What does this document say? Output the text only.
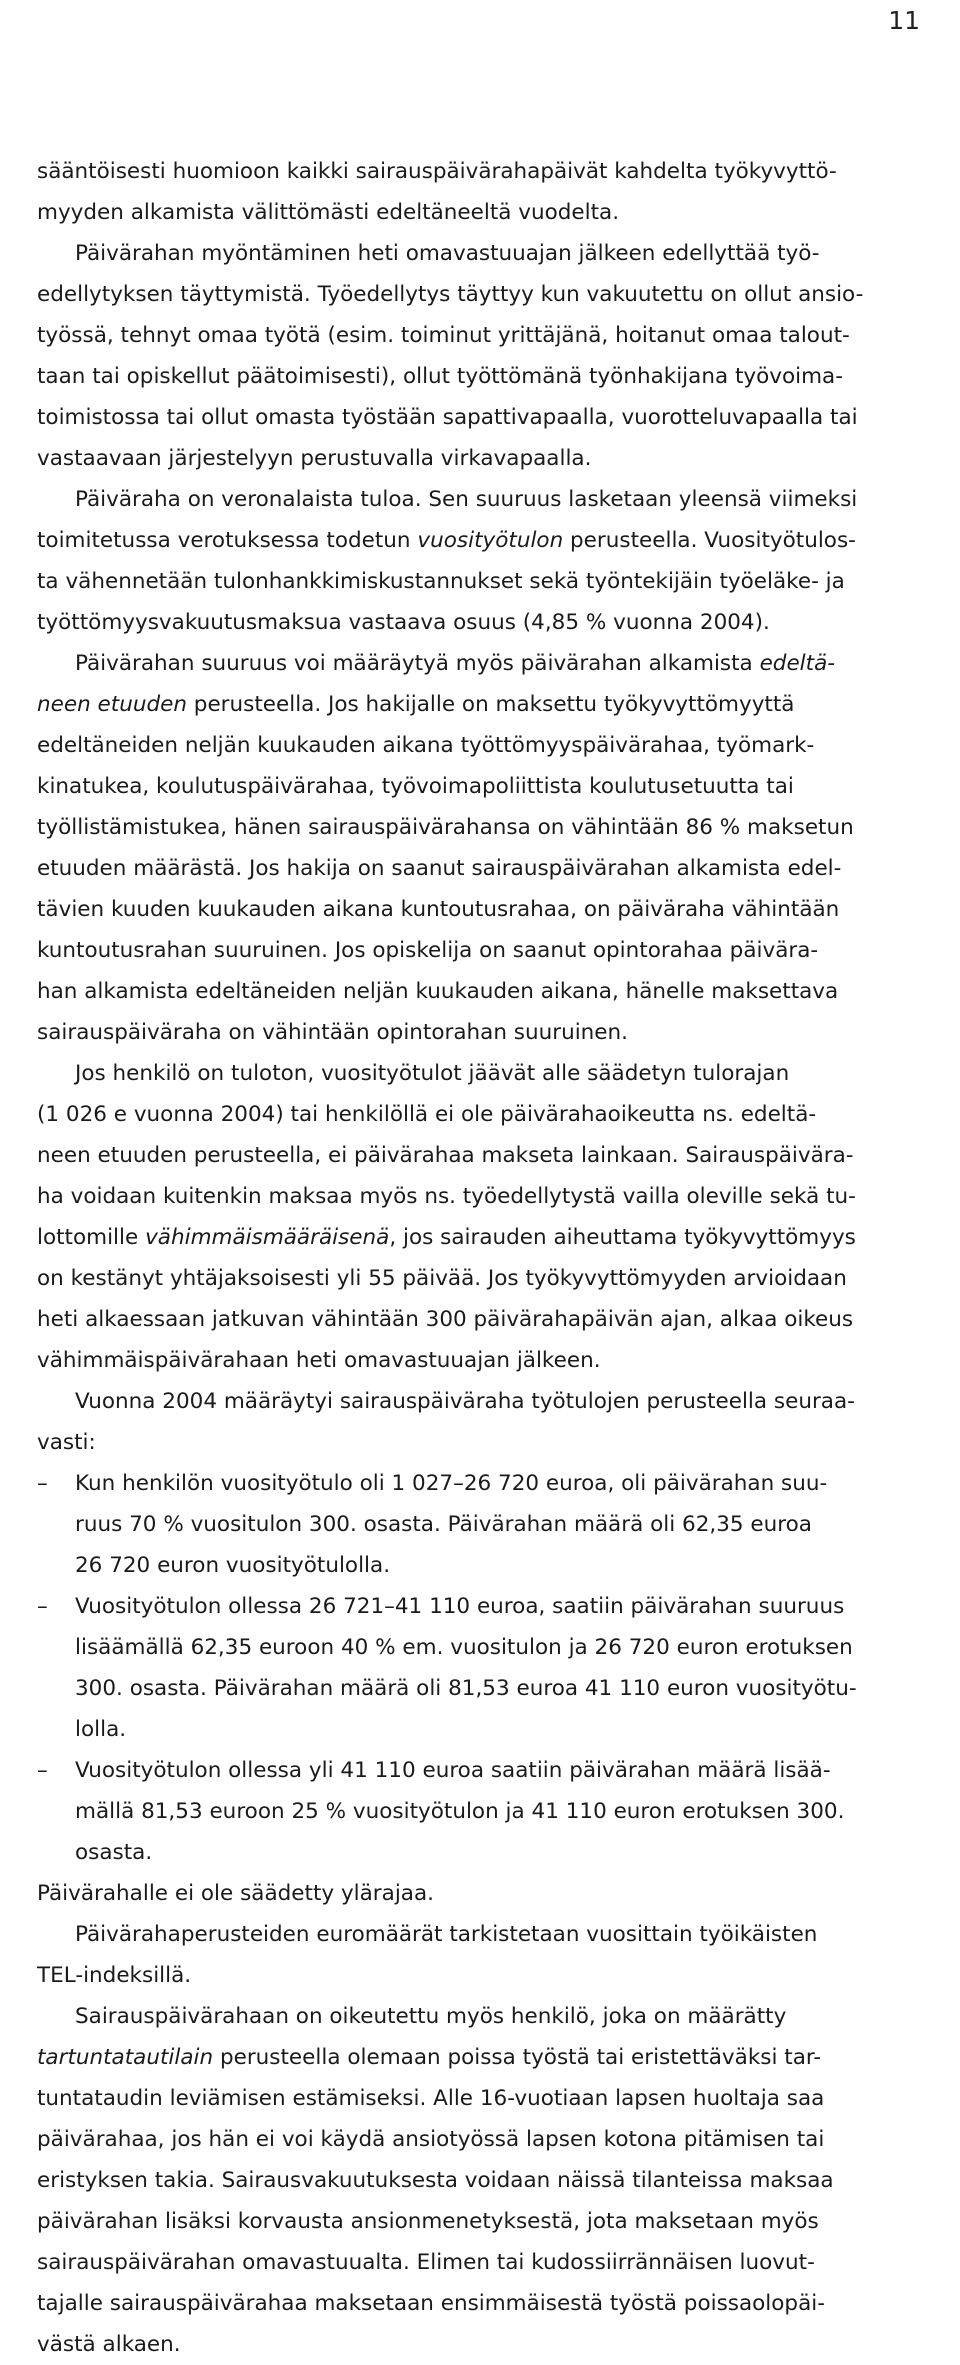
11
sääntöisesti huomioon kaikki sairauspäivärahapäivät kahdelta työkyvyttö-
myyden alkamista välittömästi edeltäneeltä vuodelta.
Päivärahan myöntäminen heti omavastuuajan jälkeen edellyttää työ-
edellytyksen täyttymistä. Työedellytys täyttyy kun vakuutettu on ollut ansio-
työssä, tehnyt omaa työtä (esim. toiminut yrittäjänä, hoitanut omaa talout-
taan tai opiskellut päätoimisesti), ollut työttömänä työnhakijana työvoima-
toimistossa tai ollut omasta työstään sapattivapaalla, vuorotteluvapaalla tai
vastaavaan järjestelyyn perustuvalla virkavapaalla.
Päiväraha on veronalaista tuloa. Sen suuruus lasketaan yleensä viimeksi
toimitetussa verotuksessa todetun vuosityötulon perusteella. Vuosityötulos-
ta vähennetään tulonhankkimiskustannukset sekä työntekijäin työeläke- ja
työttömyysvakuutusmaksua vastaava osuus (4,85 % vuonna 2004).
Päivärahan suuruus voi määräytyä myös päivärahan alkamista edeltä-
neen etuuden perusteella. Jos hakijalle on maksettu työkyvyttömyyttä
edeltäneiden neljän kuukauden aikana työttömyyspäivärahaa, työmark-
kinatukea, koulutuspäivärahaa, työvoimapoliittista koulutusetuutta tai
työllistämistukea, hänen sairauspäivärahansa on vähintään 86 % maksetun
etuuden määrästä. Jos hakija on saanut sairauspäivärahan alkamista edel-
tävien kuuden kuukauden aikana kuntoutusrahaa, on päiväraha vähintään
kuntoutusrahan suuruinen. Jos opiskelija on saanut opintorahaa päivära-
han alkamista edeltäneiden neljän kuukauden aikana, hänelle maksettava
sairauspäiväraha on vähintään opintorahan suuruinen.
Jos henkilö on tuloton, vuosityötulot jäävät alle säädetyn tulorajan
(1 026 e vuonna 2004) tai henkilöllä ei ole päivärahaoikeutta ns. edeltä-
neen etuuden perusteella, ei päivärahaa makseta lainkaan. Sairauspäivära-
ha voidaan kuitenkin maksaa myös ns. työedellytystä vailla oleville sekä tu-
lottomille vähimmäismääräisenä, jos sairauden aiheuttama työkyvyttömyys
on kestänyt yhtäjaksoisesti yli 55 päivää. Jos työkyvyttömyyden arvioidaan
heti alkaessaan jatkuvan vähintään 300 päivärahapäivän ajan, alkaa oikeus
vähimmäispäivärahaan heti omavastuuajan jälkeen.
Vuonna 2004 määräytyi sairauspäiväraha työtulojen perusteella seuraa-
vasti:
– Kun henkilön vuosityötulo oli 1 027–26 720 euroa, oli päivärahan suu-
ruus 70 % vuositulon 300. osasta. Päivärahan määrä oli 62,35 euroa
26 720 euron vuosityötulolla.
– Vuosityötulon ollessa 26 721–41 110 euroa, saatiin päivärahan suuruus
lisäämällä 62,35 euroon 40 % em. vuositulon ja 26 720 euron erotuksen
300. osasta. Päivärahan määrä oli 81,53 euroa 41 110 euron vuosityötu-
lolla.
– Vuosityötulon ollessa yli 41 110 euroa saatiin päivärahan määrä lisää-
mällä 81,53 euroon 25 % vuosityötulon ja 41 110 euron erotuksen 300.
osasta.
Päivärahalle ei ole säädetty ylärajaa.
Päivärahaperusteiden euromäärät tarkistetaan vuosittain työikäisten
TEL-indeksillä.
Sairauspäivärahaan on oikeutettu myös henkilö, joka on määrätty
tartuntatautilain perusteella olemaan poissa työstä tai eristettäväksi tar-
tuntataudin leviämisen estämiseksi. Alle 16-vuotiaan lapsen huoltaja saa
päivärahaa, jos hän ei voi käydä ansiotyössä lapsen kotona pitämisen tai
eristyksen takia. Sairausvakuutuksesta voidaan näissä tilanteissa maksaa
päivärahan lisäksi korvausta ansionmenetyksestä, jota maksetaan myös
sairauspäivärahan omavastuualta. Elimen tai kudossiirrännäisen luovut-
tajalle sairauspäivärahaa maksetaan ensimmäisestä työstä poissaolopäi-
västä alkaen.
